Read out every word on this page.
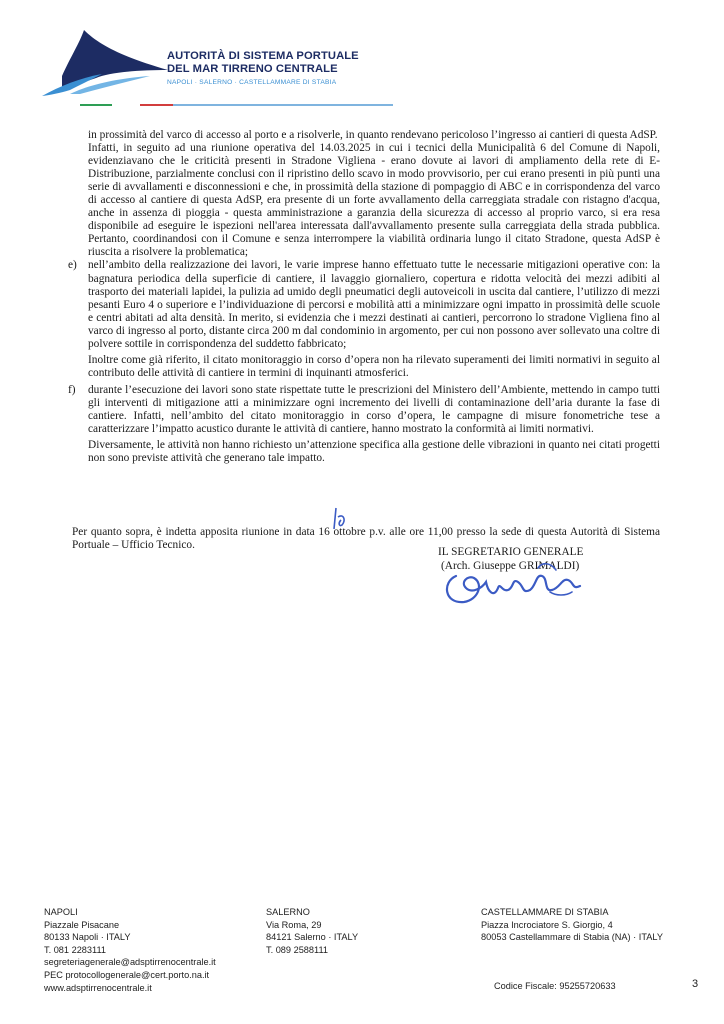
AUTORITÀ DI SISTEMA PORTUALE
DEL MAR TIRRENO CENTRALE
NAPOLI · SALERNO · CASTELLAMMARE DI STABIA

in prossimità del varco di accesso al porto e a risolverle, in quanto rendevano pericoloso l’ingresso ai cantieri di questa AdSP.

Infatti, in seguito ad una riunione operativa del 14.03.2025 in cui i tecnici della Municipalità 6 del Comune di Napoli, evidenziavano che le criticità presenti in Stradone Vigliena - erano dovute ai lavori di ampliamento della rete di E-Distribuzione, parzialmente conclusi con il ripristino dello scavo in modo provvisorio, per cui erano presenti in più punti una serie di avvallamenti e disconnessioni e che, in prossimità della stazione di pompaggio di ABC e in corrispondenza del varco di accesso al cantiere di questa AdSP, era presente di un forte avvallamento della carreggiata stradale con ristagno d'acqua, anche in assenza di pioggia - questa amministrazione a garanzia della sicurezza di accesso al proprio varco, si era resa disponibile ad eseguire le ispezioni nell'area interessata dall'avvallamento presente sulla carreggiata della strada pubblica. Pertanto, coordinandosi con il Comune e senza interrompere la viabilità ordinaria lungo il citato Stradone, questa AdSP è riuscita a risolvere la problematica;

e) nell’ambito della realizzazione dei lavori, le varie imprese hanno effettuato tutte le necessarie mitigazioni operative con: la bagnatura periodica della superficie di cantiere, il lavaggio giornaliero, copertura e ridotta velocità dei mezzi adibiti al trasporto dei materiali lapidei, la pulizia ad umido degli pneumatici degli autoveicoli in uscita dal cantiere, l’utilizzo di mezzi pesanti Euro 4 o superiore e l’individuazione di percorsi e mobilità atti a minimizzare ogni impatto in prossimità delle scuole e centri abitati ad alta densità. In merito, si evidenzia che i mezzi destinati ai cantieri, percorrono lo stradone Vigliena fino al varco di ingresso al porto, distante circa 200 m dal condominio in argomento, per cui non possono aver sollevato una coltre di polvere sottile in corrispondenza del suddetto fabbricato;

Inoltre come già riferito, il citato monitoraggio in corso d’opera non ha rilevato superamenti dei limiti normativi in seguito al contributo delle attività di cantiere in termini di inquinanti atmosferici.

f) durante l’esecuzione dei lavori sono state rispettate tutte le prescrizioni del Ministero dell’Ambiente, mettendo in campo tutti gli interventi di mitigazione atti a minimizzare ogni incremento dei livelli di contaminazione dell’aria durante la fase di cantiere. Infatti, nell’ambito del citato monitoraggio in corso d’opera, le campagne di misure fonometriche tese a caratterizzare l’impatto acustico durante le attività di cantiere, hanno mostrato la conformità ai limiti normativi.

Diversamente, le attività non hanno richiesto un’attenzione specifica alla gestione delle vibrazioni in quanto nei citati progetti non sono previste attività che generano tale impatto.

Per quanto sopra, è indetta apposita riunione in data 16 ottobre p.v. alle ore 11,00 presso la sede di questa Autorità di Sistema Portuale – Ufficio Tecnico.

IL SEGRETARIO GENERALE
(Arch. Giuseppe GRIMALDI)
NAPOLI
Piazzale Pisacane
80133 Napoli · ITALY
T. 081 2283111
segreteriagenerale@adsptirrenocentrale.it
PEC protocollogenerale@cert.porto.na.it
www.adsptirrenocentrale.it
SALERNO
Via Roma, 29
84121 Salerno · ITALY
T. 089 2588111
CASTELLAMMARE DI STABIA
Piazza Incrociatore S. Giorgio, 4
80053 Castellammare di Stabia (NA) · ITALY
Codice Fiscale: 95255720633	3
